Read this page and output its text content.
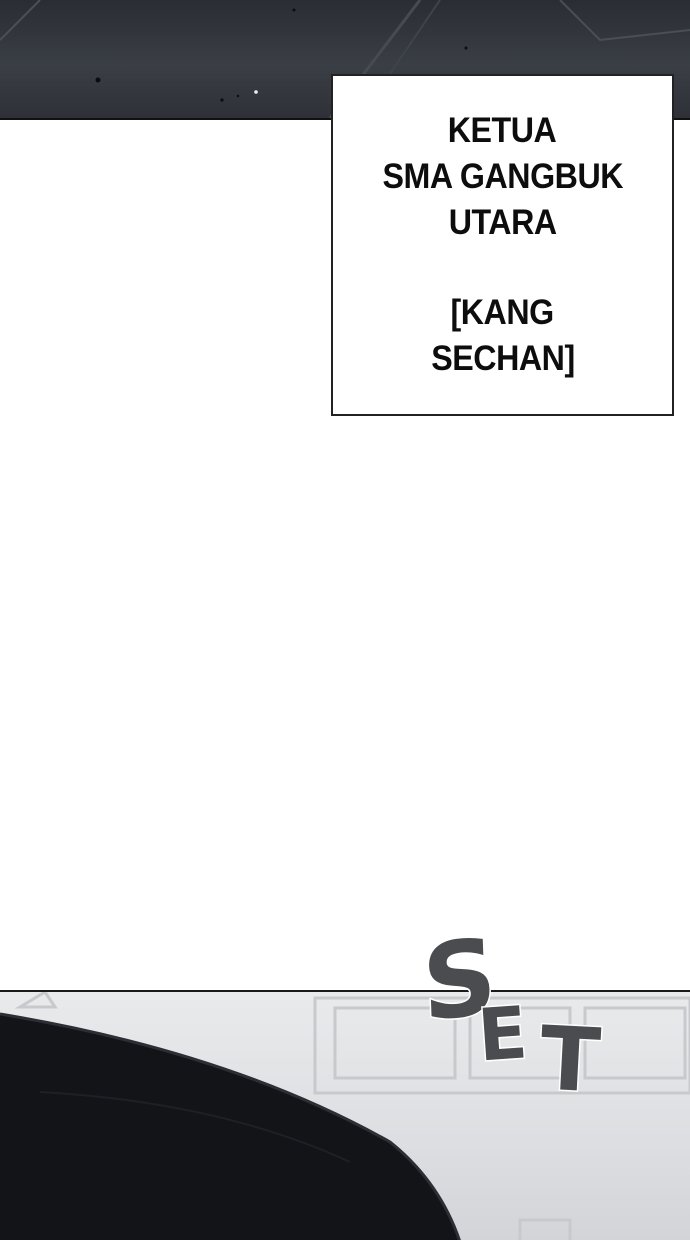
KETUA
SMA GANGBUK
UTARA
[KANG
SECHAN]
S
E T
